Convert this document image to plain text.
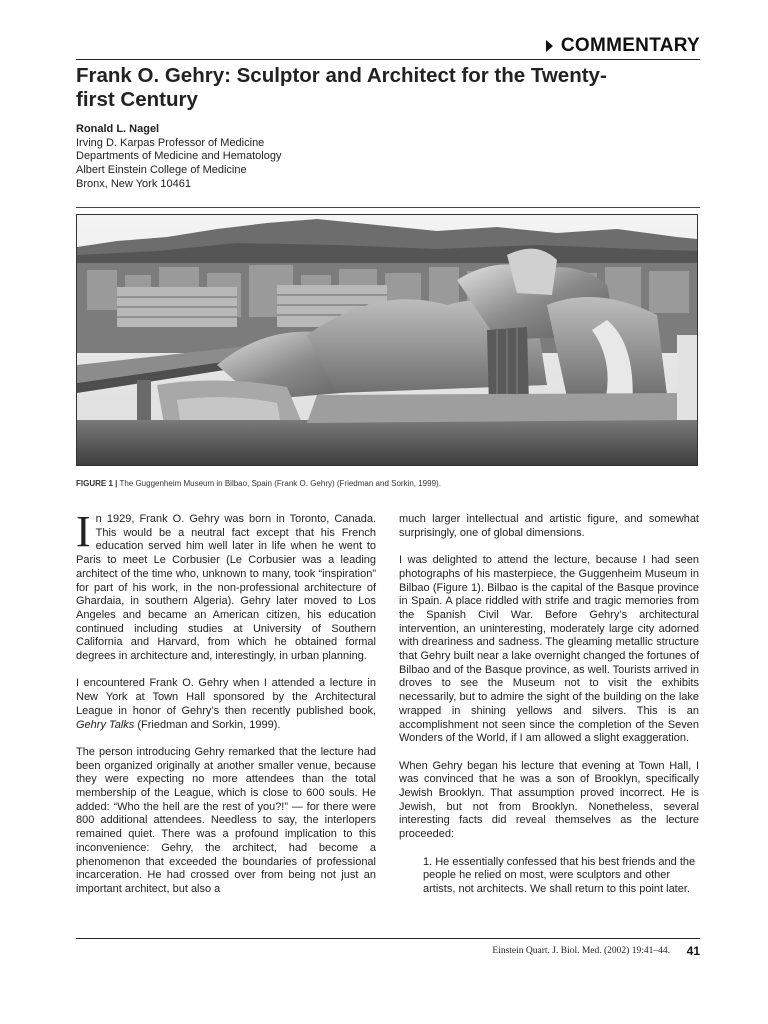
COMMENTARY
Frank O. Gehry: Sculptor and Architect for the Twenty-first Century
Ronald L. Nagel
Irving D. Karpas Professor of Medicine
Departments of Medicine and Hematology
Albert Einstein College of Medicine
Bronx, New York 10461
FIGURE 1 | The Guggenheim Museum in Bilbao, Spain (Frank O. Gehry) (Friedman and Sorkin, 1999).

In 1929, Frank O. Gehry was born in Toronto, Canada. This would be a neutral fact except that his French education served him well later in life when he went to Paris to meet Le Corbusier (Le Corbusier was a leading architect of the time who, unknown to many, took “inspiration” for part of his work, in the non-professional architecture of Ghardaia, in southern Algeria). Gehry later moved to Los Angeles and became an American citizen, his education continued including studies at University of Southern California and Harvard, from which he obtained formal degrees in architecture and, interestingly, in urban planning.

I encountered Frank O. Gehry when I attended a lecture in New York at Town Hall sponsored by the Architectural League in honor of Gehry’s then recently published book, Gehry Talks (Friedman and Sorkin, 1999).

The person introducing Gehry remarked that the lecture had been organized originally at another smaller venue, because they were expecting no more attendees than the total membership of the League, which is close to 600 souls. He added: “Who the hell are the rest of you?!” — for there were 800 additional attendees. Needless to say, the interlopers remained quiet. There was a profound implication to this inconvenience: Gehry, the architect, had become a phenomenon that exceeded the boundaries of professional incarceration. He had crossed over from being not just an important architect, but also a

much larger intellectual and artistic figure, and somewhat surprisingly, one of global dimensions.

I was delighted to attend the lecture, because I had seen photographs of his masterpiece, the Guggenheim Museum in Bilbao (Figure 1). Bilbao is the capital of the Basque province in Spain. A place riddled with strife and tragic memories from the Spanish Civil War. Before Gehry’s architectural intervention, an uninteresting, moderately large city adorned with dreariness and sadness. The gleaming metallic structure that Gehry built near a lake overnight changed the fortunes of Bilbao and of the Basque province, as well. Tourists arrived in droves to see the Museum not to visit the exhibits necessarily, but to admire the sight of the building on the lake wrapped in shining yellows and silvers. This is an accomplishment not seen since the completion of the Seven Wonders of the World, if I am allowed a slight exaggeration.

When Gehry began his lecture that evening at Town Hall, I was convinced that he was a son of Brooklyn, specifically Jewish Brooklyn. That assumption proved incorrect. He is Jewish, but not from Brooklyn. Nonetheless, several interesting facts did reveal themselves as the lecture proceeded:

1. He essentially confessed that his best friends and the people he relied on most, were sculptors and other artists, not architects. We shall return to this point later.

Einstein Quart. J. Biol. Med. (2002) 19:41–44. 41
